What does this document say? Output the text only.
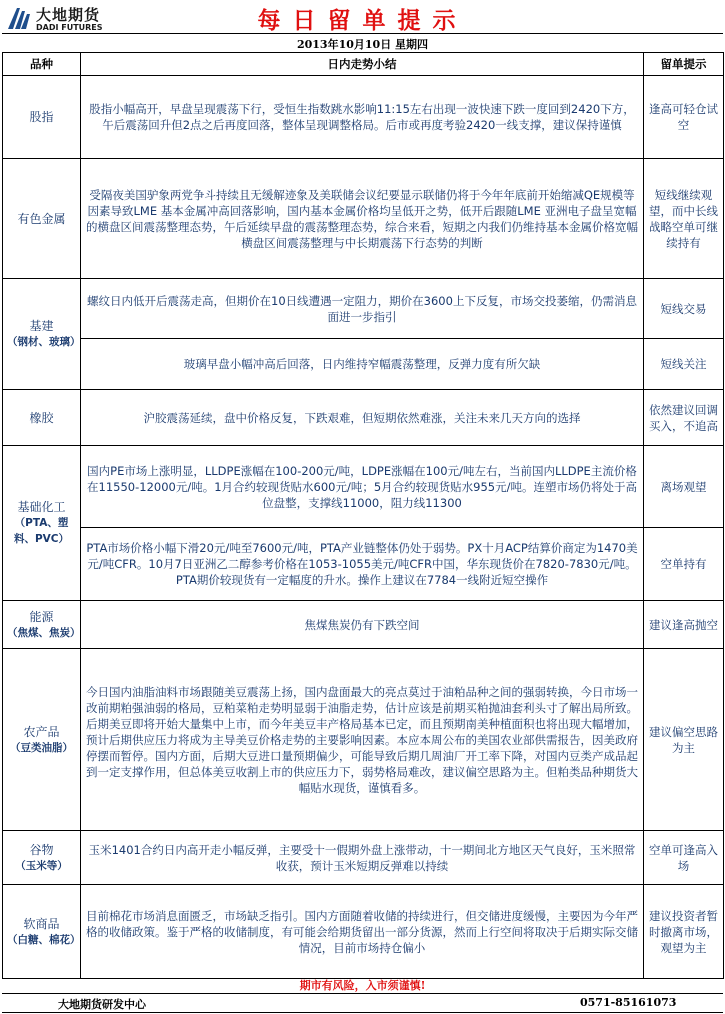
大地期货
DADI FUTURES	每日留单提示
2013年10月10日 星期四
品种	日内走势小结	留单提示

股指	股指小幅高开，早盘呈现震荡下行，受恒生指数跳水影响11:15左右出现一波快速下跌一度回到2420下方，午后震荡回升但2点之后再度回落，整体呈现调整格局。后市或再度考验2420一线支撑，建议保持谨慎	逢高可轻仓试空

有色金属	受隔夜美国驴象两党争斗持续且无缓解迹象及美联储会议纪要显示联储仍将于今年年底前开始缩减QE规模等因素导致LME 基本金属冲高回落影响，国内基本金属价格均呈低开之势，低开后跟随LME 亚洲电子盘呈宽幅的横盘区间震荡整理态势，午后延续早盘的震荡整理态势，综合来看，短期之内我们仍维持基本金属价格宽幅横盘区间震荡整理与中长期震荡下行态势的判断	短线继续观望，而中长线战略空单可继续持有

基建
（钢材、玻璃）	螺纹日内低开后震荡走高，但期价在10日线遭遇一定阻力，期价在3600上下反复，市场交投萎缩，仍需消息面进一步指引	短线交易
	玻璃早盘小幅冲高后回落，日内维持窄幅震荡整理，反弹力度有所欠缺	短线关注

橡胶	沪胶震荡延续，盘中价格反复，下跌艰难，但短期依然难涨，关注未来几天方向的选择	依然建议回调买入，不追高

基础化工
（PTA、塑料、PVC）	国内PE市场上涨明显，LLDPE涨幅在100-200元/吨，LDPE涨幅在100元/吨左右，当前国内LLDPE主流价格在11550-12000元/吨。1月合约较现货贴水600元/吨；5月合约较现货贴水955元/吨。连塑市场仍将处于高位盘整，支撑线11000，阻力线11300	离场观望
	PTA市场价格小幅下滑20元/吨至7600元/吨，PTA产业链整体仍处于弱势。PX十月ACP结算价商定为1470美元/吨CFR。10月7日亚洲乙二醇参考价格在1053-1055美元/吨CFR中国，华东现货价在7820-7830元/吨。PTA期价较现货有一定幅度的升水。操作上建议在7784一线附近短空操作	空单持有

能源
（焦煤、焦炭）	焦煤焦炭仍有下跌空间	建议逢高抛空

农产品
（豆类油脂）	今日国内油脂油料市场跟随美豆震荡上扬，国内盘面最大的亮点莫过于油粕品种之间的强弱转换，今日市场一改前期粕强油弱的格局，豆粕菜粕走势明显弱于油脂走势，估计应该是前期买粕抛油套利头寸了解出局所致。后期美豆即将开始大量集中上市，而今年美豆丰产格局基本已定，而且预期南美种植面积也将出现大幅增加，预计后期供应压力将成为主导美豆价格走势的主要影响因素。本应本周公布的美国农业部供需报告，因美政府停摆而暂停。国内方面，后期大豆进口量预期偏少，可能导致后期几周油厂开工率下降，对国内豆类产成品起到一定支撑作用，但总体美豆收割上市的供应压力下，弱势格局难改，建议偏空思路为主。但粕类品种期货大幅贴水现货，谨慎看多。	建议偏空思路为主

谷物
（玉米等）	玉米1401合约日内高开走小幅反弹，主要受十一假期外盘上涨带动，十一期间北方地区天气良好，玉米照常收获，预计玉米短期反弹难以持续	空单可逢高入场

软商品
（白糖、棉花）	目前棉花市场消息面匮乏，市场缺乏指引。国内方面随着收储的持续进行，但交储进度缓慢，主要因为今年严格的收储政策。鉴于严格的收储制度，有可能会给期货留出一部分货源，然而上行空间将取决于后期实际交储情况，目前市场持仓偏小	建议投资者暂时撤离市场，观望为主
期市有风险，入市须谨慎!
大地期货研发中心	0571-85161073
